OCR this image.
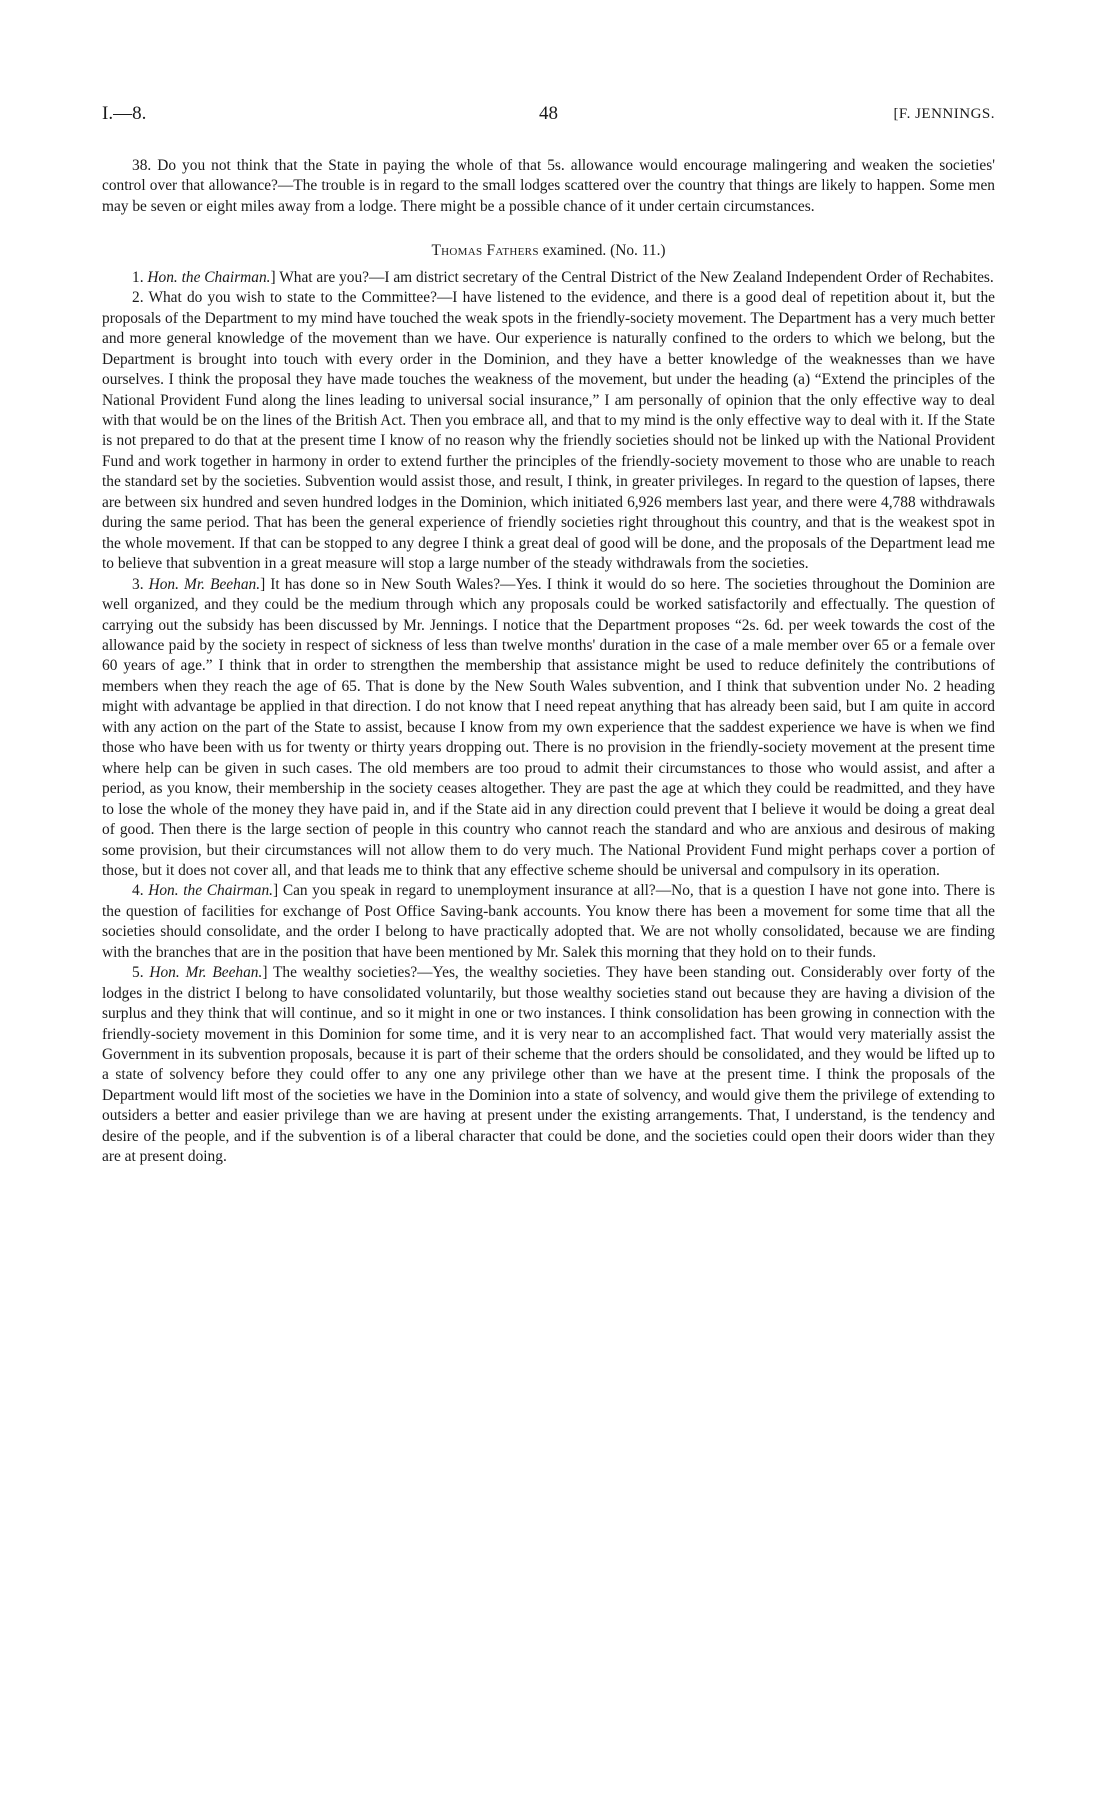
I.—8.	48	[F. JENNINGS.

38. Do you not think that the State in paying the whole of that 5s. allowance would encourage malingering and weaken the societies' control over that allowance?—The trouble is in regard to the small lodges scattered over the country that things are likely to happen. Some men may be seven or eight miles away from a lodge. There might be a possible chance of it under certain circumstances.

Thomas Fathers examined. (No. 11.)

1. Hon. the Chairman.] What are you?—I am district secretary of the Central District of the New Zealand Independent Order of Rechabites.

2. What do you wish to state to the Committee?—I have listened to the evidence, and there is a good deal of repetition about it, but the proposals of the Department to my mind have touched the weak spots in the friendly-society movement. The Department has a very much better and more general knowledge of the movement than we have. Our experience is naturally confined to the orders to which we belong, but the Department is brought into touch with every order in the Dominion, and they have a better knowledge of the weaknesses than we have ourselves. I think the proposal they have made touches the weakness of the movement, but under the heading (a) “Extend the principles of the National Provident Fund along the lines leading to universal social insurance,” I am personally of opinion that the only effective way to deal with that would be on the lines of the British Act. Then you embrace all, and that to my mind is the only effective way to deal with it. If the State is not prepared to do that at the present time I know of no reason why the friendly societies should not be linked up with the National Provident Fund and work together in harmony in order to extend further the principles of the friendly-society movement to those who are unable to reach the standard set by the societies. Subvention would assist those, and result, I think, in greater privileges. In regard to the question of lapses, there are between six hundred and seven hundred lodges in the Dominion, which initiated 6,926 members last year, and there were 4,788 withdrawals during the same period. That has been the general experience of friendly societies right throughout this country, and that is the weakest spot in the whole movement. If that can be stopped to any degree I think a great deal of good will be done, and the proposals of the Department lead me to believe that subvention in a great measure will stop a large number of the steady withdrawals from the societies.

3. Hon. Mr. Beehan.] It has done so in New South Wales?—Yes. I think it would do so here. The societies throughout the Dominion are well organized, and they could be the medium through which any proposals could be worked satisfactorily and effectually. The question of carrying out the subsidy has been discussed by Mr. Jennings. I notice that the Department proposes “2s. 6d. per week towards the cost of the allowance paid by the society in respect of sickness of less than twelve months' duration in the case of a male member over 65 or a female over 60 years of age.” I think that in order to strengthen the membership that assistance might be used to reduce definitely the contributions of members when they reach the age of 65. That is done by the New South Wales subvention, and I think that subvention under No. 2 heading might with advantage be applied in that direction. I do not know that I need repeat anything that has already been said, but I am quite in accord with any action on the part of the State to assist, because I know from my own experience that the saddest experience we have is when we find those who have been with us for twenty or thirty years dropping out. There is no provision in the friendly-society movement at the present time where help can be given in such cases. The old members are too proud to admit their circumstances to those who would assist, and after a period, as you know, their membership in the society ceases altogether. They are past the age at which they could be readmitted, and they have to lose the whole of the money they have paid in, and if the State aid in any direction could prevent that I believe it would be doing a great deal of good. Then there is the large section of people in this country who cannot reach the standard and who are anxious and desirous of making some provision, but their circumstances will not allow them to do very much. The National Provident Fund might perhaps cover a portion of those, but it does not cover all, and that leads me to think that any effective scheme should be universal and compulsory in its operation.

4. Hon. the Chairman.] Can you speak in regard to unemployment insurance at all?—No, that is a question I have not gone into. There is the question of facilities for exchange of Post Office Saving-bank accounts. You know there has been a movement for some time that all the societies should consolidate, and the order I belong to have practically adopted that. We are not wholly consolidated, because we are finding with the branches that are in the position that have been mentioned by Mr. Salek this morning that they hold on to their funds.

5. Hon. Mr. Beehan.] The wealthy societies?—Yes, the wealthy societies. They have been standing out. Considerably over forty of the lodges in the district I belong to have consolidated voluntarily, but those wealthy societies stand out because they are having a division of the surplus and they think that will continue, and so it might in one or two instances. I think consolidation has been growing in connection with the friendly-society movement in this Dominion for some time, and it is very near to an accomplished fact. That would very materially assist the Government in its subvention proposals, because it is part of their scheme that the orders should be consolidated, and they would be lifted up to a state of solvency before they could offer to any one any privilege other than we have at the present time. I think the proposals of the Department would lift most of the societies we have in the Dominion into a state of solvency, and would give them the privilege of extending to outsiders a better and easier privilege than we are having at present under the existing arrangements. That, I understand, is the tendency and desire of the people, and if the subvention is of a liberal character that could be done, and the societies could open their doors wider than they are at present doing.
